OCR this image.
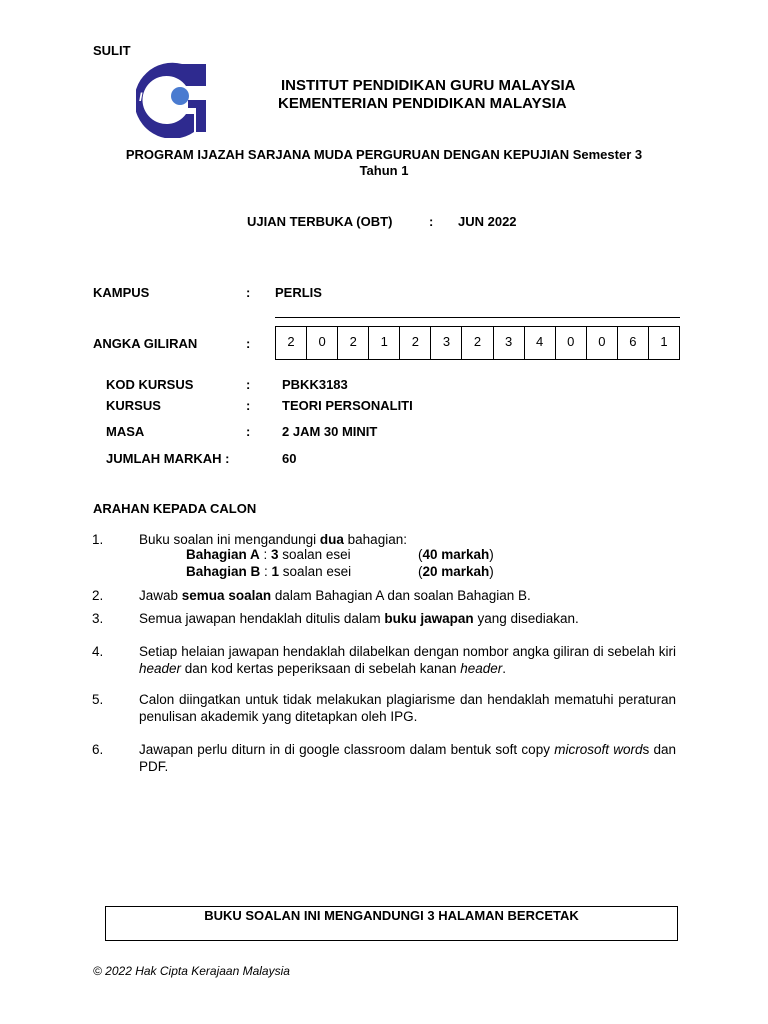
SULIT
IPG
INSTITUT PENDIDIKAN GURU MALAYSIA
KEMENTERIAN PENDIDIKAN MALAYSIA
PROGRAM IJAZAH SARJANA MUDA PERGURUAN DENGAN KEPUJIAN Semester 3
Tahun 1
UJIAN TERBUKA (OBT)	: JUN 2022
KAMPUS	: PERLIS
ANGKA GILIRAN	:	2	0	2	1	2	3	2	3	4	0	0	6	1
KOD KURSUS	: PBKK3183
KURSUS	: TEORI PERSONALITI
MASA	: 2 JAM 30 MINIT
JUMLAH MARKAH :	60
ARAHAN KEPADA CALON
1.	Buku soalan ini mengandungi dua bahagian:
Bahagian A : 3 soalan esei	(40 markah)
Bahagian B : 1 soalan esei	(20 markah)
2.	Jawab semua soalan dalam Bahagian A dan soalan Bahagian B.
3.	Semua jawapan hendaklah ditulis dalam buku jawapan yang disediakan.
4.	Setiap helaian jawapan hendaklah dilabelkan dengan nombor angka giliran di sebelah kiri header dan kod kertas peperiksaan di sebelah kanan header.
5.	Calon diingatkan untuk tidak melakukan plagiarisme dan hendaklah mematuhi peraturan penulisan akademik yang ditetapkan oleh IPG.
6.	Jawapan perlu diturn in di google classroom dalam bentuk soft copy microsoft words dan PDF.
BUKU SOALAN INI MENGANDUNGI 3 HALAMAN BERCETAK
© 2022 Hak Cipta Kerajaan Malaysia
